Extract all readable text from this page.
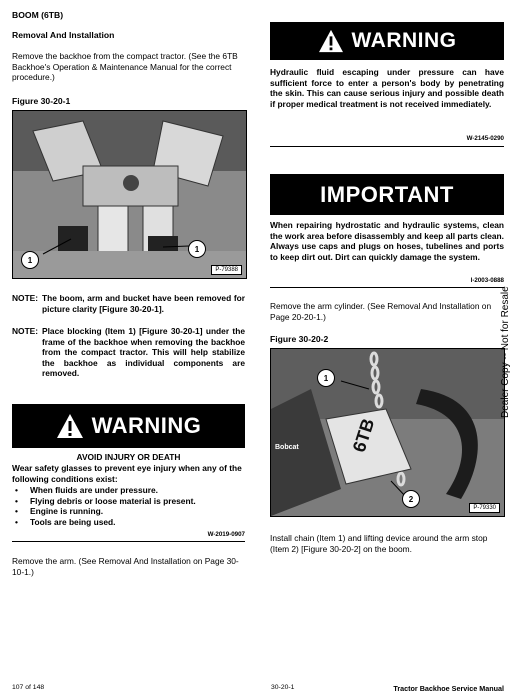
BOOM (6TB)
Removal And Installation
Remove the backhoe from the compact tractor. (See the 6TB Backhoe's Operation & Maintenance Manual for the correct procedure.)
Figure 30-20-1
1
1
P-79388
NOTE: The boom, arm and bucket have been removed for picture clarity [Figure 30-20-1].
NOTE: Place blocking (Item 1) [Figure 30-20-1] under the frame of the backhoe when removing the backhoe from the compact tractor. This will help stabilize the backhoe as individual components are removed.
WARNING
AVOID INJURY OR DEATH
Wear safety glasses to prevent eye injury when any of the following conditions exist:
• When fluids are under pressure.
• Flying debris or loose material is present.
• Engine is running.
• Tools are being used.
W-2019-0907
Remove the arm. (See Removal And Installation on Page 30-10-1.)
WARNING
Hydraulic fluid escaping under pressure can have sufficient force to enter a person's body by penetrating the skin. This can cause serious injury and possible death if proper medical treatment is not received immediately.
W-2145-0290
IMPORTANT
When repairing hydrostatic and hydraulic systems, clean the work area before disassembly and keep all parts clean. Always use caps and plugs on hoses, tubelines and ports to keep dirt out. Dirt can quickly damage the system.
I-2003-0888
Remove the arm cylinder. (See Removal And Installation on Page 20-20-1.)
Figure 30-20-2
6TB
Bobcat
1
2
P-79330
Install chain (Item 1) and lifting device around the arm stop (Item 2) [Figure 30-20-2] on the boom.
Dealer Copy -- Not for Resale
107 of 148	30-20-1	Tractor Backhoe Service Manual
